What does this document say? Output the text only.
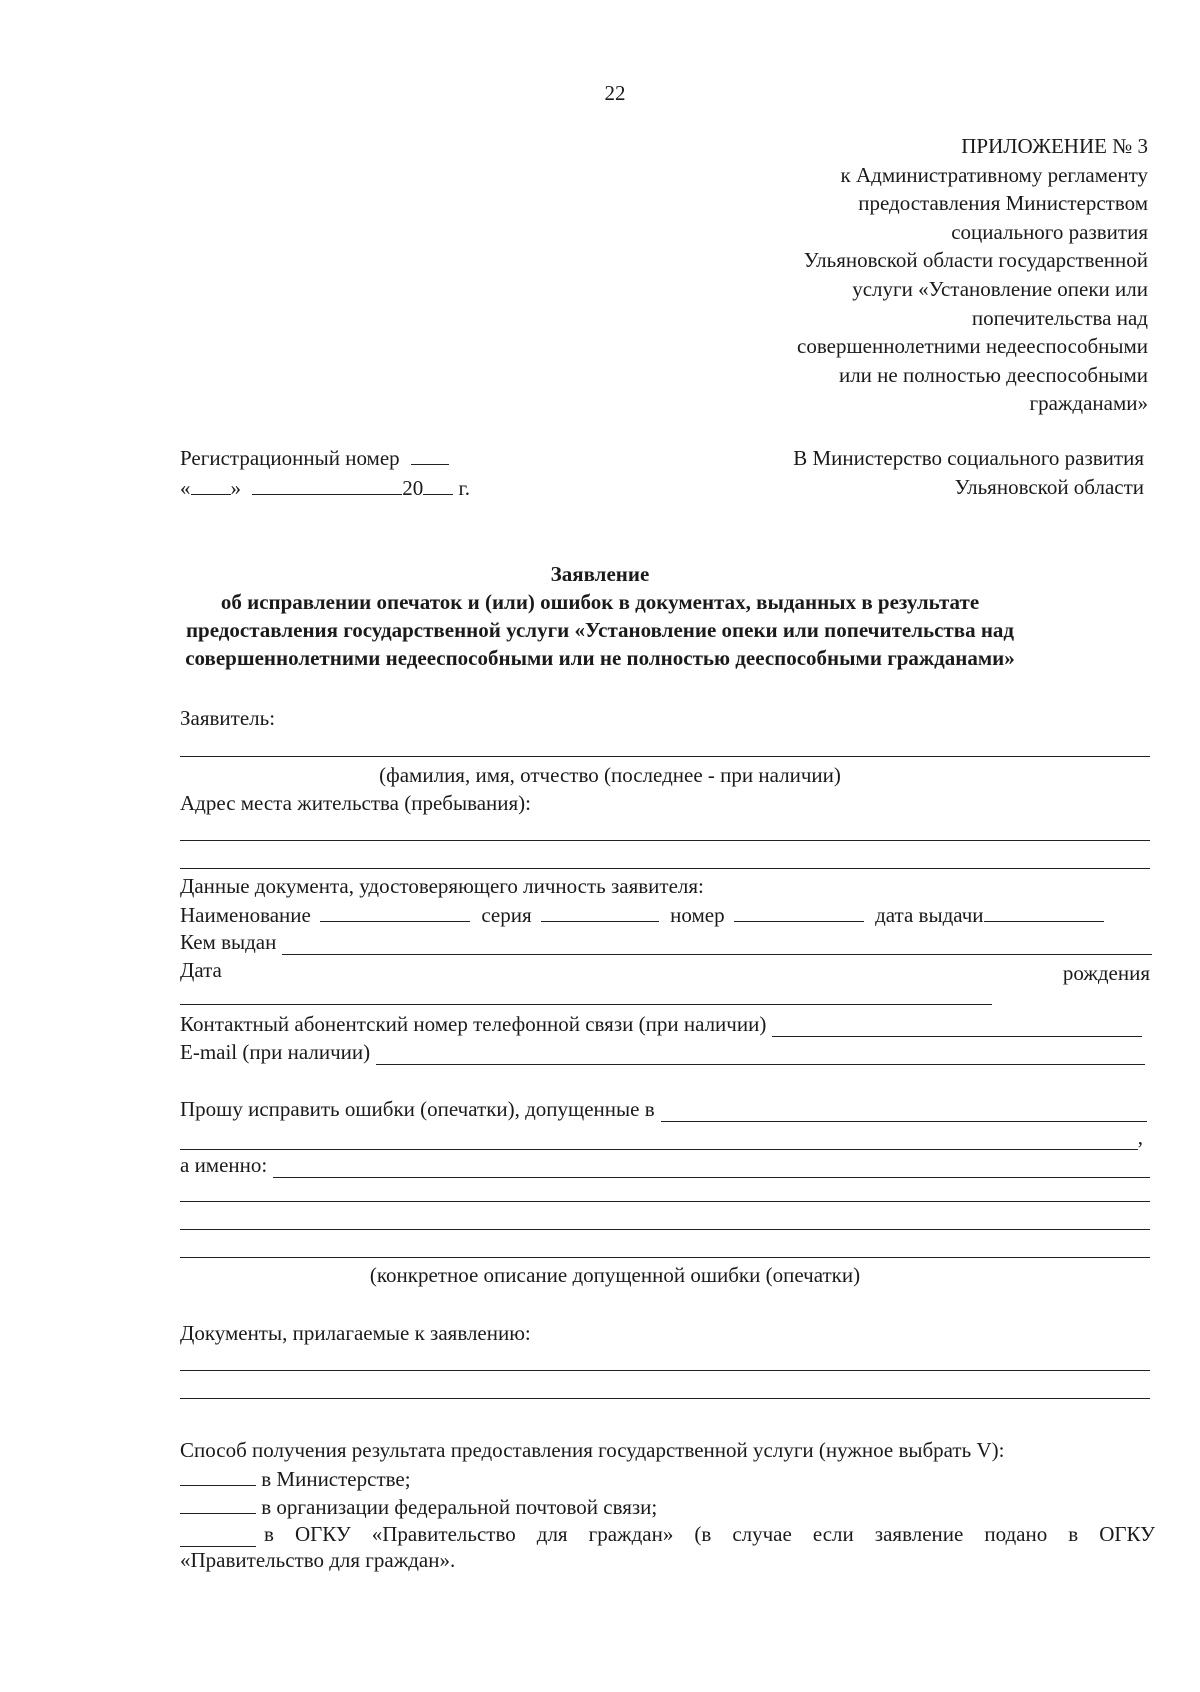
22
ПРИЛОЖЕНИЕ № 3
к Административному регламенту
предоставления Министерством
социального развития
Ульяновской области государственной
услуги «Установление опеки или
попечительства над
совершеннолетними недееспособными
или не полностью дееспособными
гражданами»
Регистрационный номер
« »	20 г.
В Министерство социального развития
Ульяновской области
Заявление
об исправлении опечаток и (или) ошибок в документах, выданных в результате
предоставления государственной услуги «Установление опеки или попечительства над
совершеннолетними недееспособными или не полностью дееспособными гражданами»
Заявитель:
(фамилия, имя, отчество (последнее - при наличии)
Адрес места жительства (пребывания):
Данные документа, удостоверяющего личность заявителя:
Наименование	серия	номер	дата выдачи
Кем выдан
Дата	рождения
Контактный абонентский номер телефонной связи (при наличии)
E-mail (при наличии)
Прошу исправить ошибки (опечатки), допущенные в
,
а именно:
(конкретное описание допущенной ошибки (опечатки)
Документы, прилагаемые к заявлению:
Способ получения результата предоставления государственной услуги (нужное выбрать V):
в Министерстве;
в организации федеральной почтовой связи;
в ОГКУ «Правительство для граждан» (в случае если заявление подано в ОГКУ
«Правительство для граждан».
